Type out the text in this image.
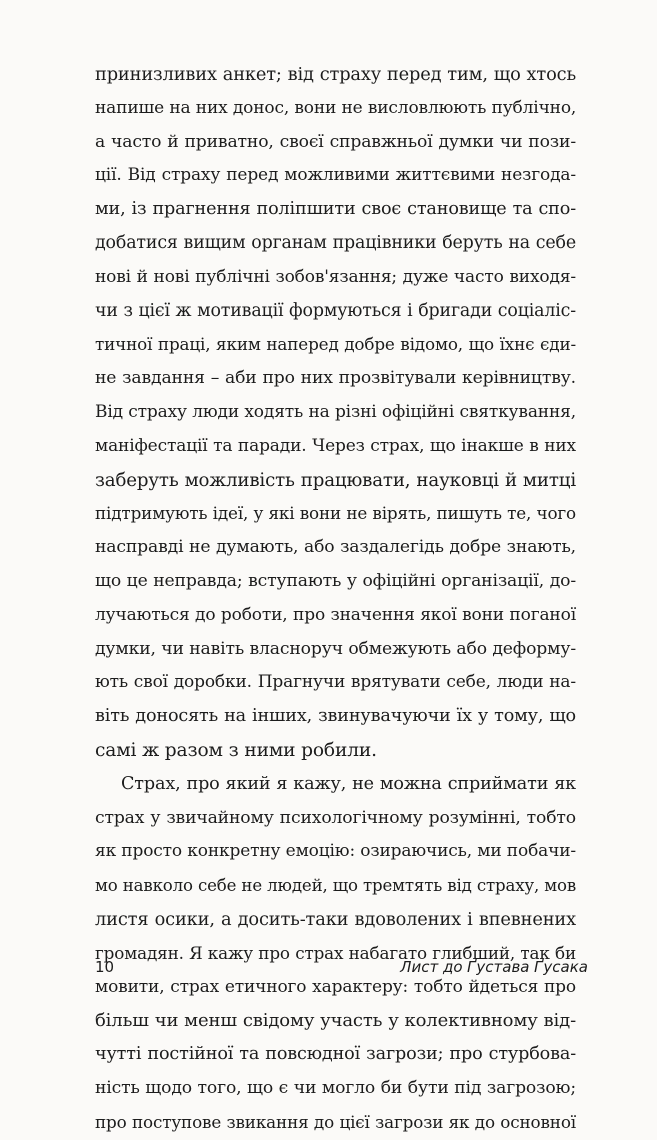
принизливих анкет; від страху перед тим, що хтось
напише на них донос, вони не висловлюють публічно,
а часто й приватно, своєї справжньої думки чи пози-
ції. Від страху перед можливими життєвими незгода-
ми, із прагнення поліпшити своє становище та спо-
добатися вищим органам працівники беруть на себе
нові й нові публічні зобов'язання; дуже часто виходя-
чи з цієї ж мотивації формуються і бригади соціаліс-
тичної праці, яким наперед добре відомо, що їхнє єди-
не завдання – аби про них прозвітували керівництву.
Від страху люди ходять на різні офіційні святкування,
маніфестації та паради. Через страх, що інакше в них
заберуть можливість працювати, науковці й митці
підтримують ідеї, у які вони не вірять, пишуть те, чого
насправді не думають, або заздалегідь добре знають,
що це неправда; вступають у офіційні організації, до-
лучаються до роботи, про значення якої вони поганої
думки, чи навіть власноруч обмежують або деформу-
ють свої доробки. Прагнучи врятувати себе, люди на-
віть доносять на інших, звинувачуючи їх у тому, що
самі ж разом з ними робили.
Страх, про який я кажу, не можна сприймати як
страх у звичайному психологічному розумінні, тобто
як просто конкретну емоцію: озираючись, ми побачи-
мо навколо себе не людей, що тремтять від страху, мов
листя осики, а досить-таки вдоволених і впевнених
громадян. Я кажу про страх набагато глибший, так би
мовити, страх етичного характеру: тобто йдеться про
більш чи менш свідому участь у колективному від-
чутті постійної та повсюдної загрози; про стурбова-
ність щодо того, що є чи могло би бути під загрозою;
про поступове звикання до цієї загрози як до основної
10	Лист до Ґустава Ґусака
